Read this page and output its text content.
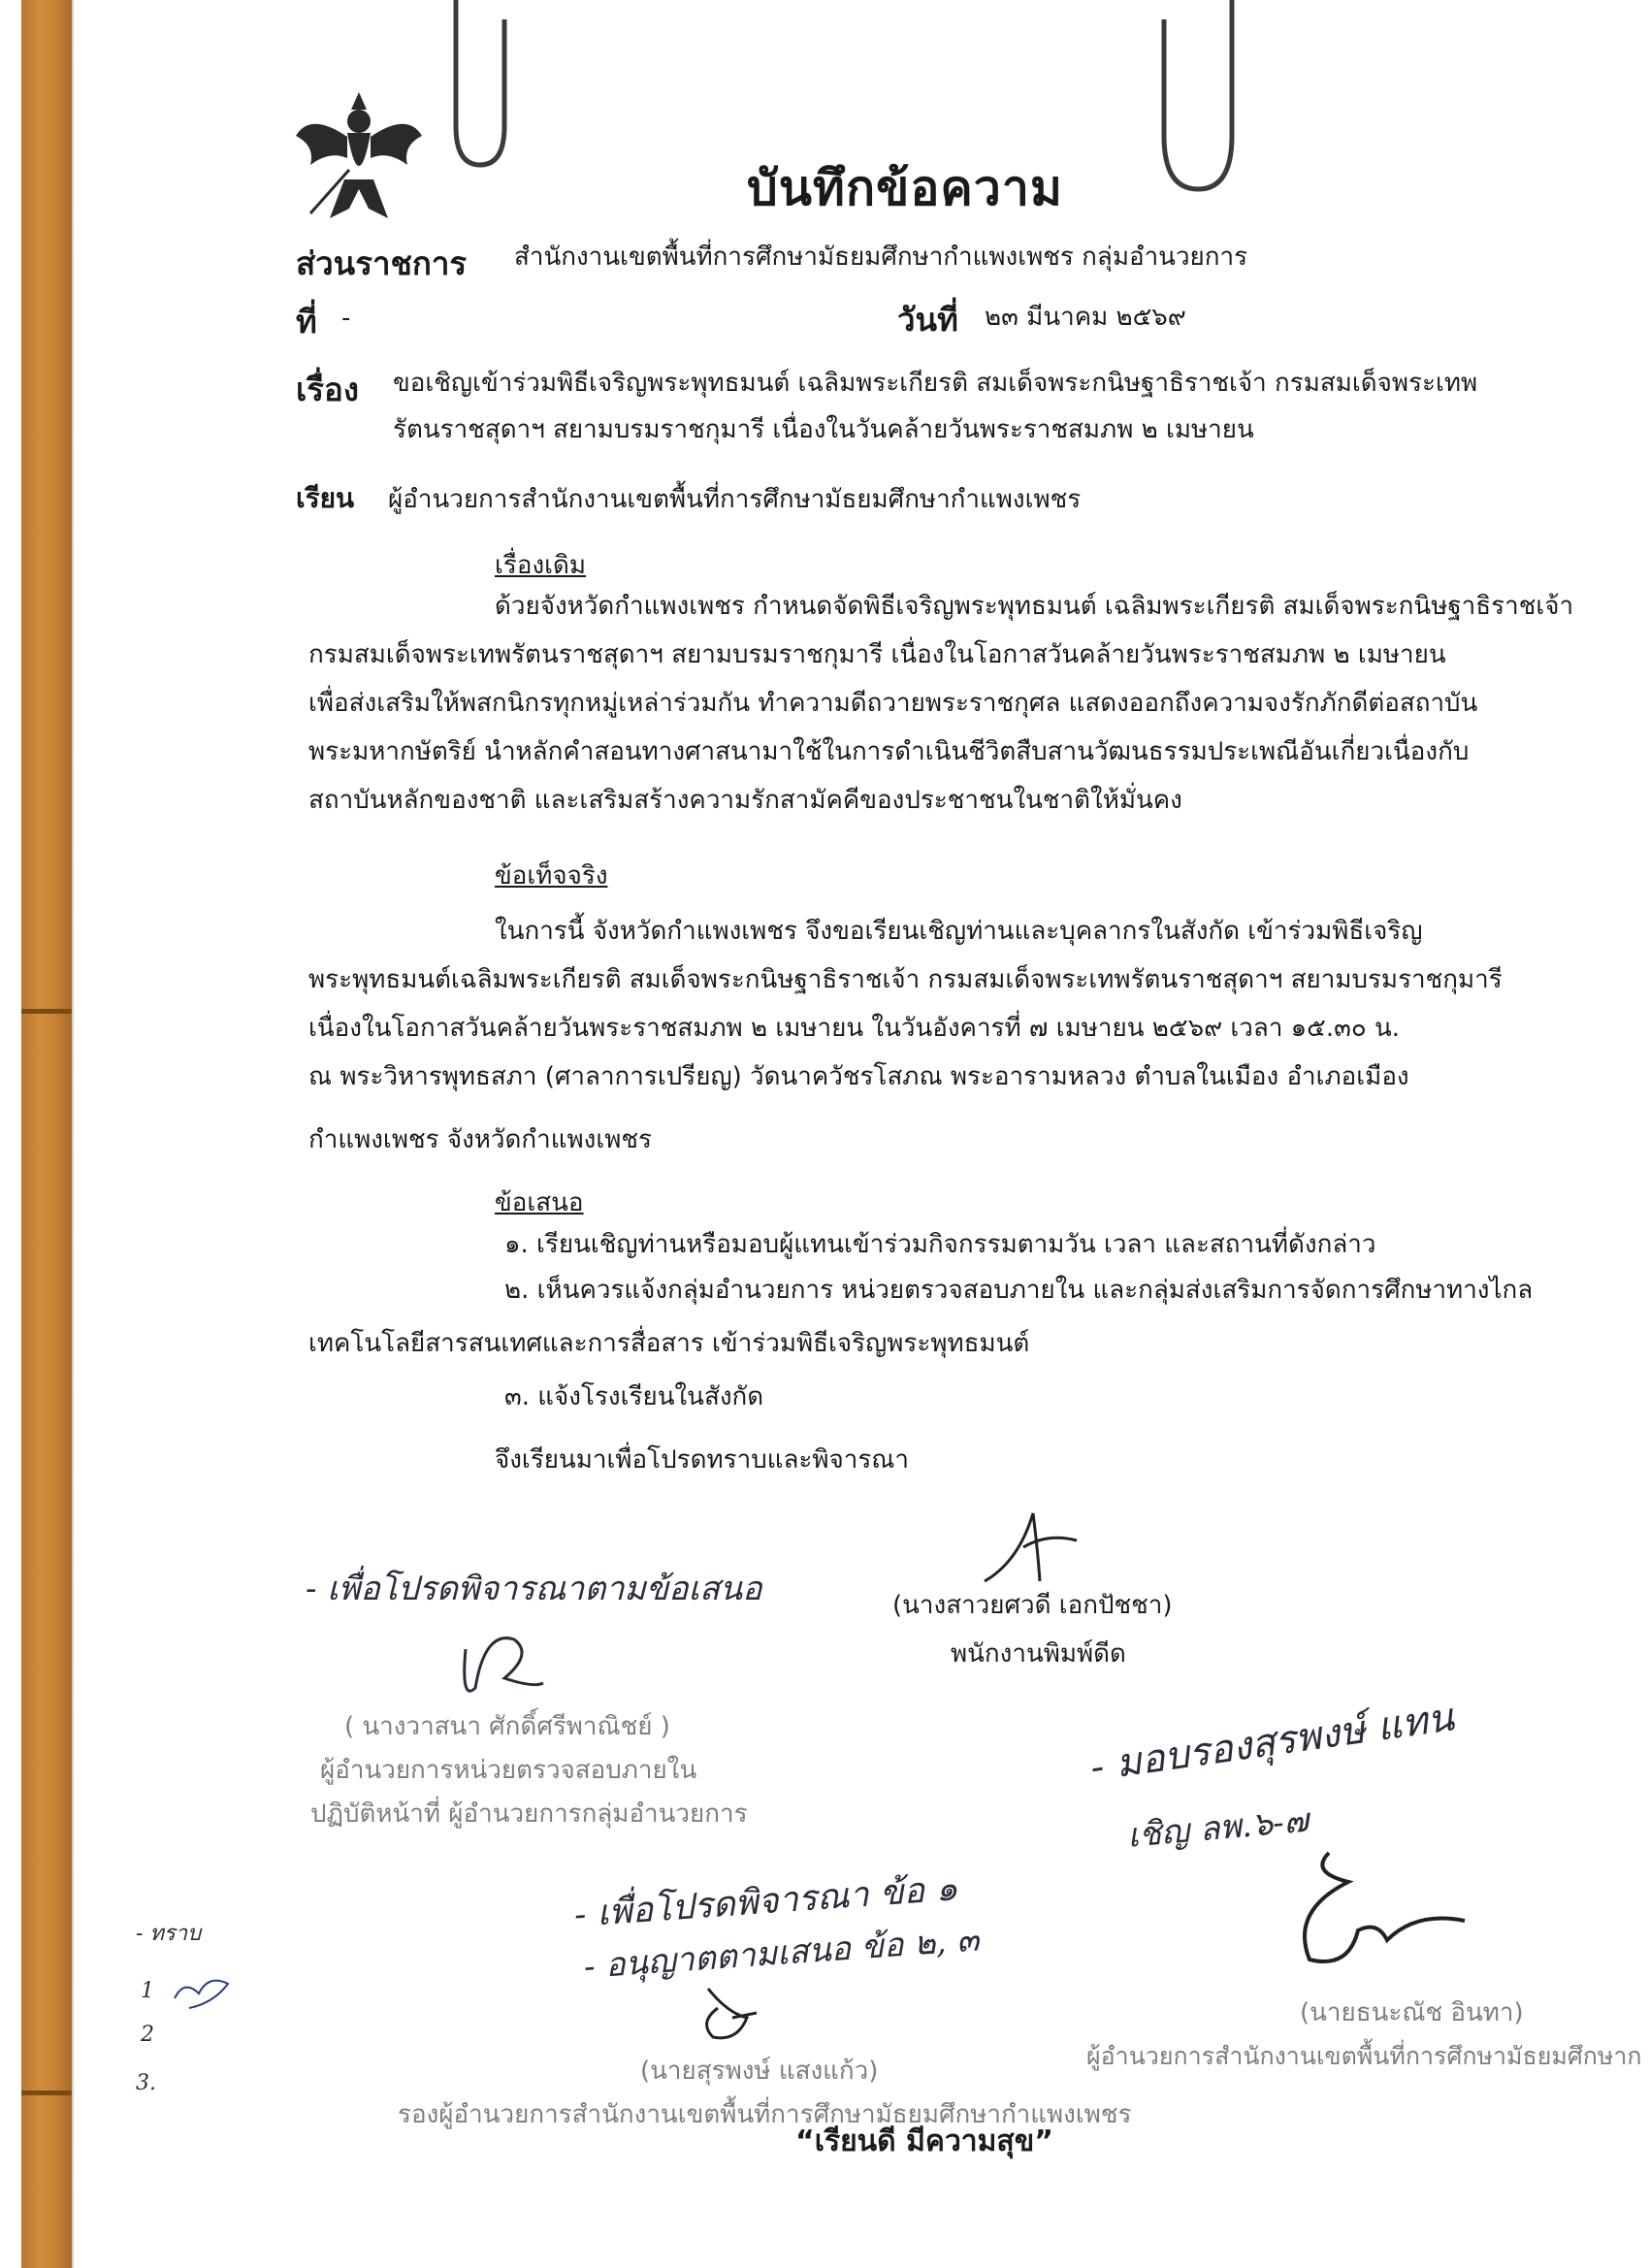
บันทึกข้อความ
ส่วนราชการ สำนักงานเขตพื้นที่การศึกษามัธยมศึกษากำแพงเพชร กลุ่มอำนวยการ
ที่ -	วันที่ ๒๓ มีนาคม ๒๕๖๙
เรื่อง ขอเชิญเข้าร่วมพิธีเจริญพระพุทธมนต์ เฉลิมพระเกียรติ สมเด็จพระกนิษฐาธิราชเจ้า กรมสมเด็จพระเทพ
รัตนราชสุดาฯ สยามบรมราชกุมารี เนื่องในวันคล้ายวันพระราชสมภพ ๒ เมษายน
เรียน ผู้อำนวยการสำนักงานเขตพื้นที่การศึกษามัธยมศึกษากำแพงเพชร
เรื่องเดิม
ด้วยจังหวัดกำแพงเพชร กำหนดจัดพิธีเจริญพระพุทธมนต์ เฉลิมพระเกียรติ สมเด็จพระกนิษฐาธิราชเจ้า
กรมสมเด็จพระเทพรัตนราชสุดาฯ สยามบรมราชกุมารี เนื่องในโอกาสวันคล้ายวันพระราชสมภพ ๒ เมษายน
เพื่อส่งเสริมให้พสกนิกรทุกหมู่เหล่าร่วมกัน ทำความดีถวายพระราชกุศล แสดงออกถึงความจงรักภักดีต่อสถาบัน
พระมหากษัตริย์ นำหลักคำสอนทางศาสนามาใช้ในการดำเนินชีวิตสืบสานวัฒนธรรมประเพณีอันเกี่ยวเนื่องกับ
สถาบันหลักของชาติ และเสริมสร้างความรักสามัคคีของประชาชนในชาติให้มั่นคง
ข้อเท็จจริง
ในการนี้ จังหวัดกำแพงเพชร จึงขอเรียนเชิญท่านและบุคลากรในสังกัด เข้าร่วมพิธีเจริญ
พระพุทธมนต์เฉลิมพระเกียรติ สมเด็จพระกนิษฐาธิราชเจ้า กรมสมเด็จพระเทพรัตนราชสุดาฯ สยามบรมราชกุมารี
เนื่องในโอกาสวันคล้ายวันพระราชสมภพ ๒ เมษายน ในวันอังคารที่ ๗ เมษายน ๒๕๖๙ เวลา ๑๕.๓๐ น.
ณ พระวิหารพุทธสภา (ศาลาการเปรียญ) วัดนาควัชรโสภณ พระอารามหลวง ตำบลในเมือง อำเภอเมือง
กำแพงเพชร จังหวัดกำแพงเพชร
ข้อเสนอ
๑. เรียนเชิญท่านหรือมอบผู้แทนเข้าร่วมกิจกรรมตามวัน เวลา และสถานที่ดังกล่าว
๒. เห็นควรแจ้งกลุ่มอำนวยการ หน่วยตรวจสอบภายใน และกลุ่มส่งเสริมการจัดการศึกษาทางไกล
เทคโนโลยีสารสนเทศและการสื่อสาร เข้าร่วมพิธีเจริญพระพุทธมนต์
๓. แจ้งโรงเรียนในสังกัด
จึงเรียนมาเพื่อโปรดทราบและพิจารณา
(นางสาวยศวดี เอกปัชชา)
พนักงานพิมพ์ดีด
- เพื่อโปรดพิจารณาตามข้อเสนอ
( นางวาสนา ศักดิ์ศรีพาณิชย์ )
ผู้อำนวยการหน่วยตรวจสอบภายใน
ปฏิบัติหน้าที่ ผู้อำนวยการกลุ่มอำนวยการ
- มอบรองสุรพงษ์ แทน
เชิญ ลพ.๖-๗
(นายธนะณัช อินทา)
ผู้อำนวยการสำนักงานเขตพื้นที่การศึกษามัธยมศึกษาก
- เพื่อโปรดพิจารณา ข้อ ๑
- อนุญาตตามเสนอ ข้อ ๒, ๓
(นายสุรพงษ์ แสงแก้ว)
รองผู้อำนวยการสำนักงานเขตพื้นที่การศึกษามัธยมศึกษากำแพงเพชร
- ทราบ
1
2
3.
“เรียนดี มีความสุข”
